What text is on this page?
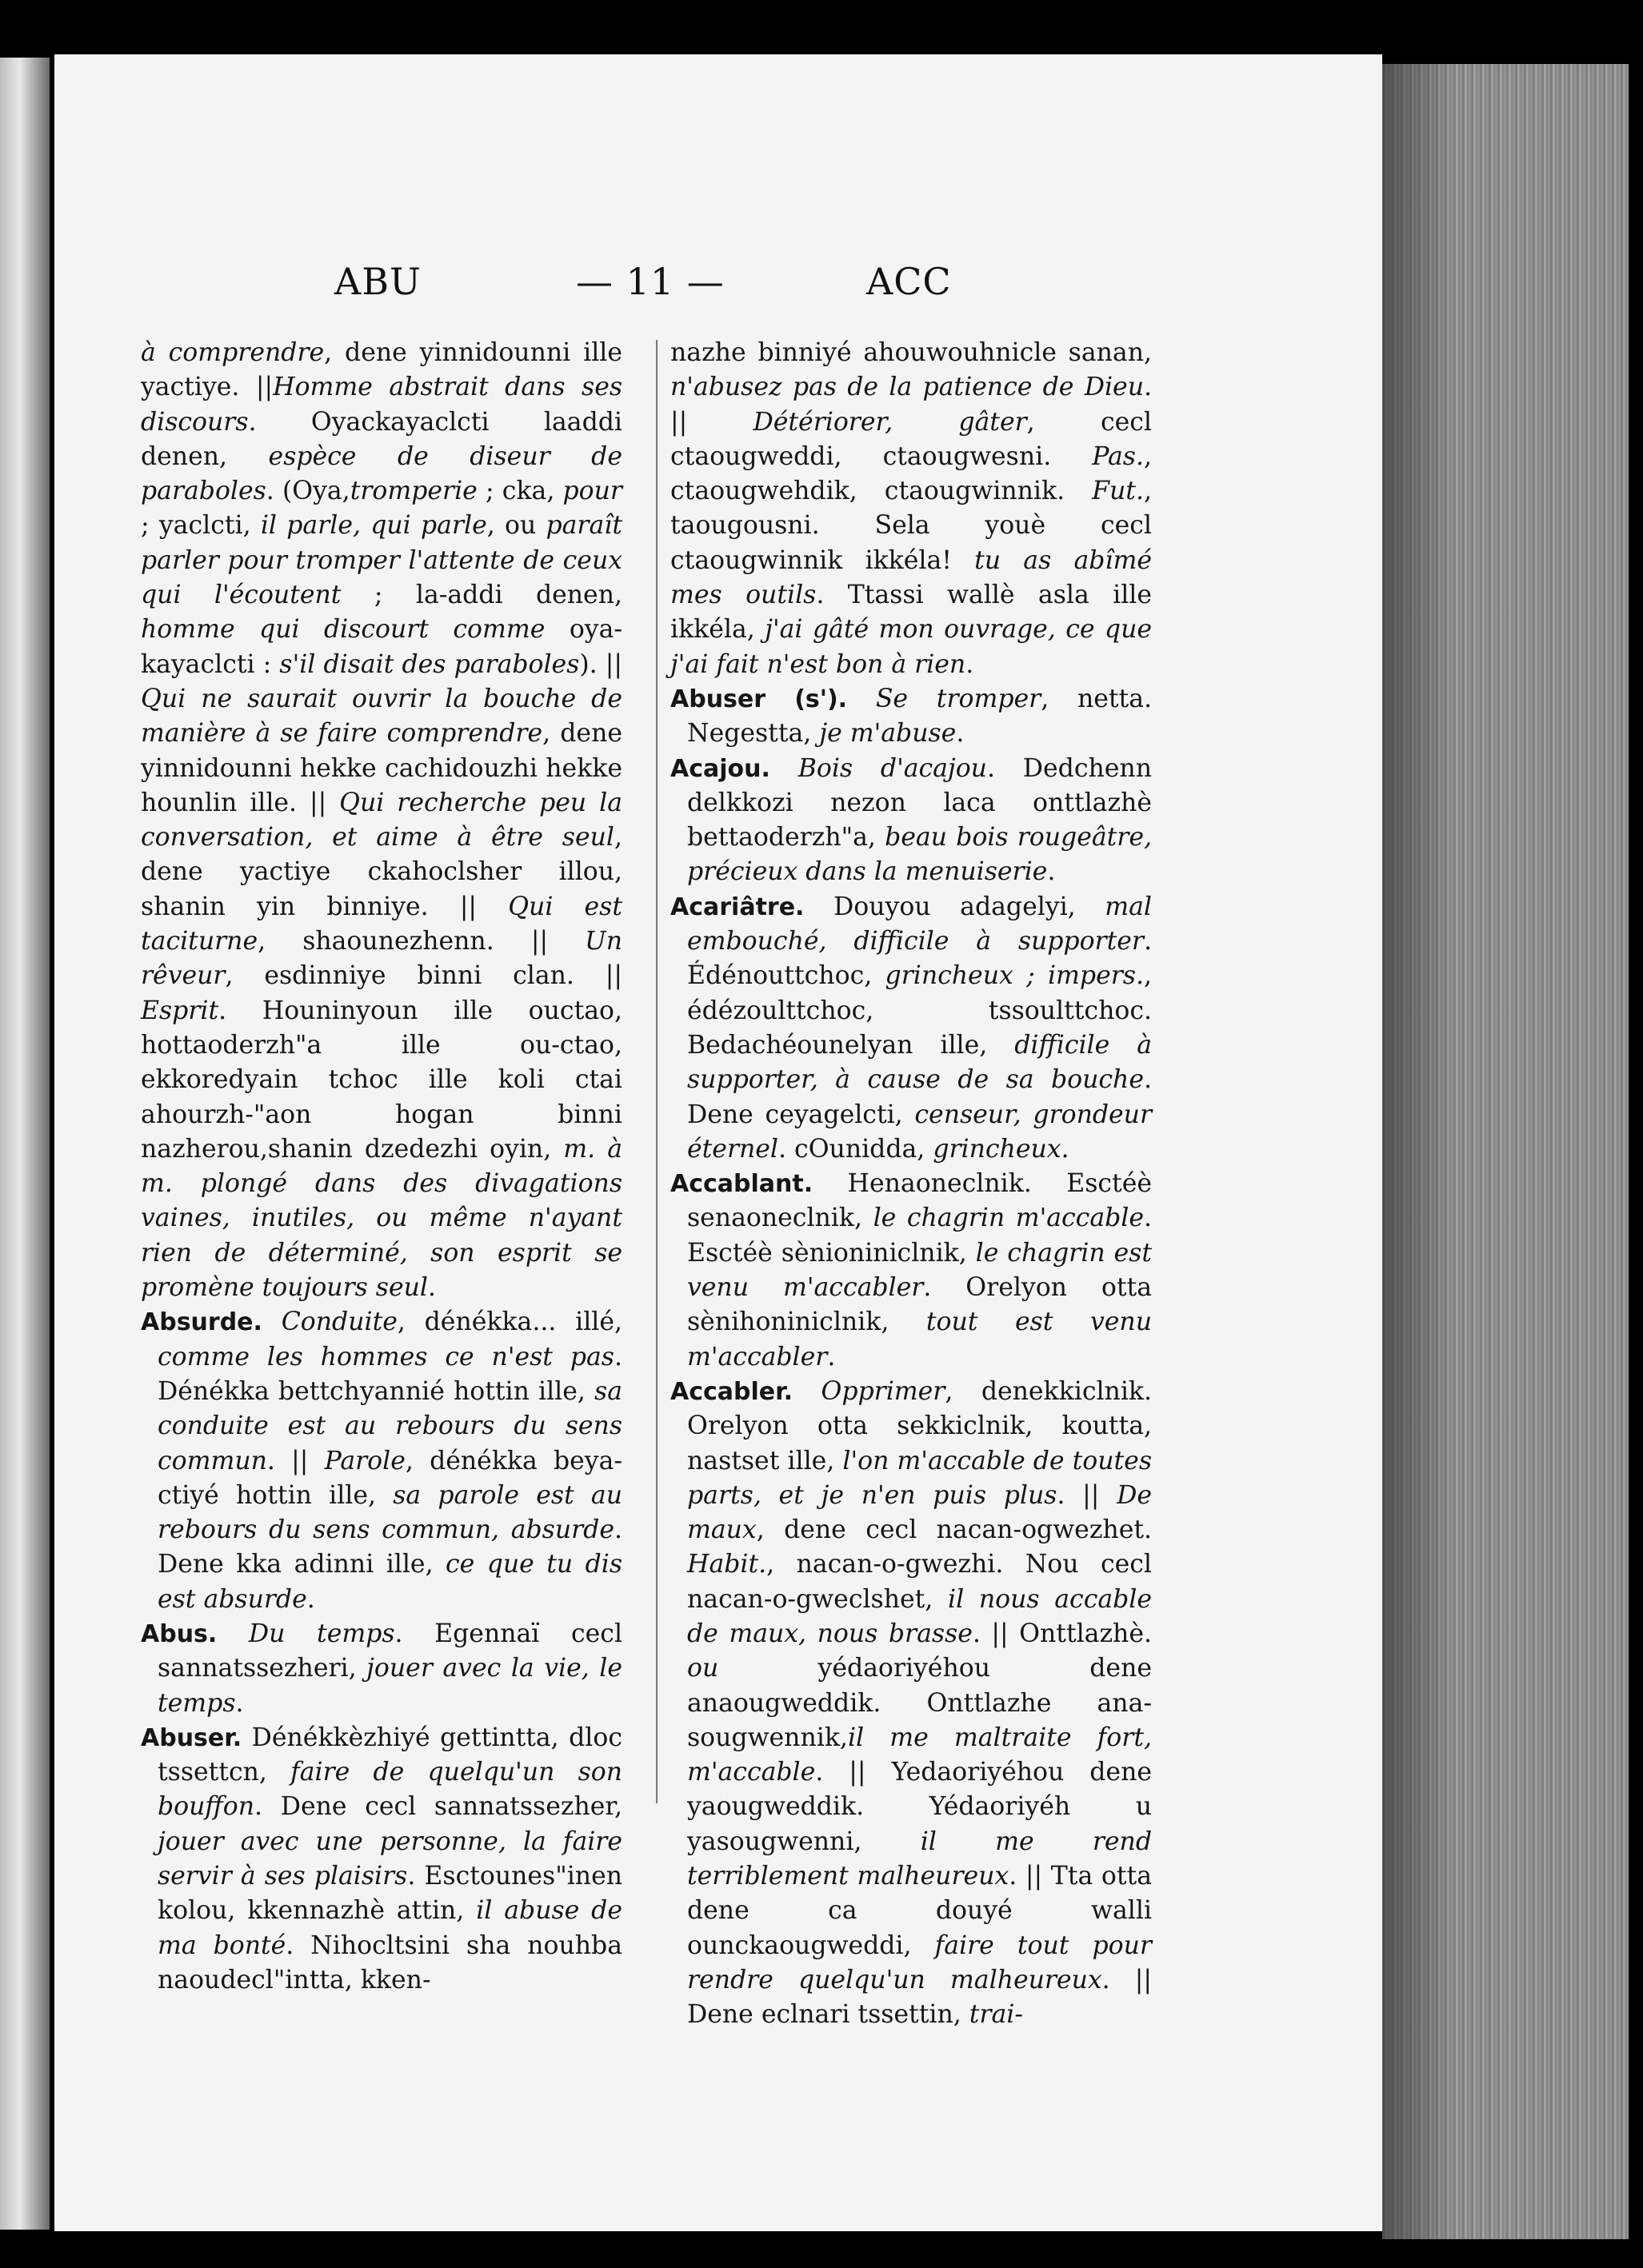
ABU	— 11 —	ACC

à comprendre, dene yinnidounni ille yactiye. ||Homme abstrait dans ses discours. Oyackayaclcti laaddi denen, espèce de diseur de paraboles. (Oya,tromperie ; cka, pour ; yaclcti, il parle, qui parle, ou paraît parler pour tromper l'attente de ceux qui l'écoutent ; la-addi denen, homme qui discourt comme oya-kayaclcti : s'il disait des paraboles). || Qui ne saurait ouvrir la bouche de manière à se faire comprendre, dene yinnidounni hekke cachidouzhi hekke hounlin ille. || Qui recherche peu la conversation, et aime à être seul, dene yactiye ckahoclsher illou, shanin yin binniye. || Qui est taciturne, shaounezhenn. || Un rêveur, esdinniye binni clan. || Esprit. Houninyoun ille ouctao, hottaoderzh"a ille ou-ctao, ekkoredyain tchoc ille koli ctai ahourzh-"aon hogan binni nazherou,shanin dzedezhi oyin, m. à m. plongé dans des divagations vaines, inutiles, ou même n'ayant rien de déterminé, son esprit se promène toujours seul.

Absurde. Conduite, dénékka... illé, comme les hommes ce n'est pas. Dénékka bettchyannié hottin ille, sa conduite est au rebours du sens commun. || Parole, dénékka beya-ctiyé hottin ille, sa parole est au rebours du sens commun, absurde. Dene kka adinni ille, ce que tu dis est absurde.

Abus. Du temps. Egennaï cecl sannatssezheri, jouer avec la vie, le temps.

Abuser. Dénékkèzhiyé gettintta, dloc tssettcn, faire de quelqu'un son bouffon. Dene cecl sannatssezher, jouer avec une personne, la faire servir à ses plaisirs. Esctounes"inen kolou, kkennazhè attin, il abuse de ma bonté. Nihocltsini sha nouhba naoudecl"intta, kken-

nazhe binniyé ahouwouhnicle sanan, n'abusez pas de la patience de Dieu. || Détériorer, gâter, cecl ctaougweddi, ctaougwesni. Pas., ctaougwehdik, ctaougwinnik. Fut., taougousni. Sela youè cecl ctaougwinnik ikkéla! tu as abîmé mes outils. Ttassi wallè asla ille ikkéla, j'ai gâté mon ouvrage, ce que j'ai fait n'est bon à rien.

Abuser (s'). Se tromper, netta. Negestta, je m'abuse.

Acajou. Bois d'acajou. Dedchenn delkkozi nezon laca onttlazhè bettaoderzh"a, beau bois rougeâtre, précieux dans la menuiserie.

Acariâtre. Douyou adagelyi, mal embouché, difficile à supporter. Édénouttchoc, grincheux ; impers., édézoulttchoc, tssoulttchoc. Bedachéounelyan ille, difficile à supporter, à cause de sa bouche. Dene ceyagelcti, censeur, grondeur éternel. cOunidda, grincheux.

Accablant. Henaoneclnik. Esctéè senaoneclnik, le chagrin m'accable. Esctéè sènioniniclnik, le chagrin est venu m'accabler. Orelyon otta sènihoniniclnik, tout est venu m'accabler.

Accabler. Opprimer, denekkiclnik. Orelyon otta sekkiclnik, koutta, nastset ille, l'on m'accable de toutes parts, et je n'en puis plus. || De maux, dene cecl nacan-ogwezhet. Habit., nacan-o-gwezhi. Nou cecl nacan-o-gweclshet, il nous accable de maux, nous brasse. || Onttlazhè. ou yédaoriyéhou dene anaougweddik. Onttlazhe ana-sougwennik,il me maltraite fort, m'accable. || Yedaoriyéhou dene yaougweddik. Yédaoriyéh u yasougwenni, il me rend terriblement malheureux. || Tta otta dene ca douyé walli ounckaougweddi, faire tout pour rendre quelqu'un malheureux. || Dene eclnari tssettin, trai-
